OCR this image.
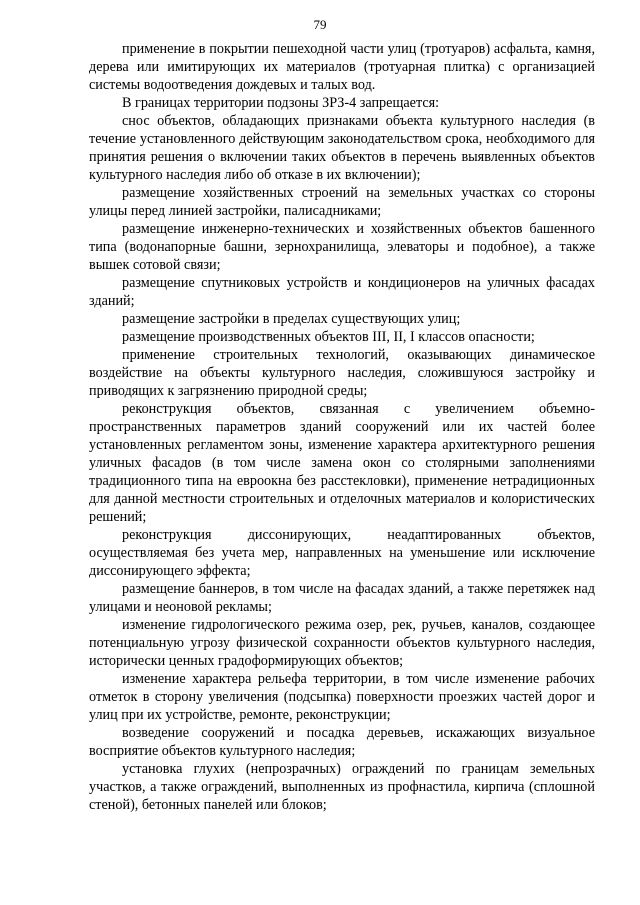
79

применение в покрытии пешеходной части улиц (тротуаров) асфальта, камня, дерева или имитирующих их материалов (тротуарная плитка) с организацией системы водоотведения дождевых и талых вод.

В границах территории подзоны ЗРЗ-4 запрещается:

снос объектов, обладающих признаками объекта культурного наследия (в течение установленного действующим законодательством срока, необходимого для принятия решения о включении таких объектов в перечень выявленных объектов культурного наследия либо об отказе в их включении);

размещение хозяйственных строений на земельных участках со стороны улицы перед линией застройки, палисадниками;

размещение инженерно-технических и хозяйственных объектов башенного типа (водонапорные башни, зернохранилища, элеваторы и подобное), а также вышек сотовой связи;

размещение спутниковых устройств и кондиционеров на уличных фасадах зданий;

размещение застройки в пределах существующих улиц;

размещение производственных объектов III, II, I классов опасности;

применение строительных технологий, оказывающих динамическое воздействие на объекты культурного наследия, сложившуюся застройку и приводящих к загрязнению природной среды;

реконструкция объектов, связанная с увеличением объемно-пространственных параметров зданий сооружений или их частей более установленных регламентом зоны, изменение характера архитектурного решения уличных фасадов (в том числе замена окон со столярными заполнениями традиционного типа на евроокна без расстекловки), применение нетрадиционных для данной местности строительных и отделочных материалов и колористических решений;

реконструкция диссонирующих, неадаптированных объектов, осуществляемая без учета мер, направленных на уменьшение или исключение диссонирующего эффекта;

размещение баннеров, в том числе на фасадах зданий, а также перетяжек над улицами и неоновой рекламы;

изменение гидрологического режима озер, рек, ручьев, каналов, создающее потенциальную угрозу физической сохранности объектов культурного наследия, исторически ценных градоформирующих объектов;

изменение характера рельефа территории, в том числе изменение рабочих отметок в сторону увеличения (подсыпка) поверхности проезжих частей дорог и улиц при их устройстве, ремонте, реконструкции;

возведение сооружений и посадка деревьев, искажающих визуальное восприятие объектов культурного наследия;

установка глухих (непрозрачных) ограждений по границам земельных участков, а также ограждений, выполненных из профнастила, кирпича (сплошной стеной), бетонных панелей или блоков;
